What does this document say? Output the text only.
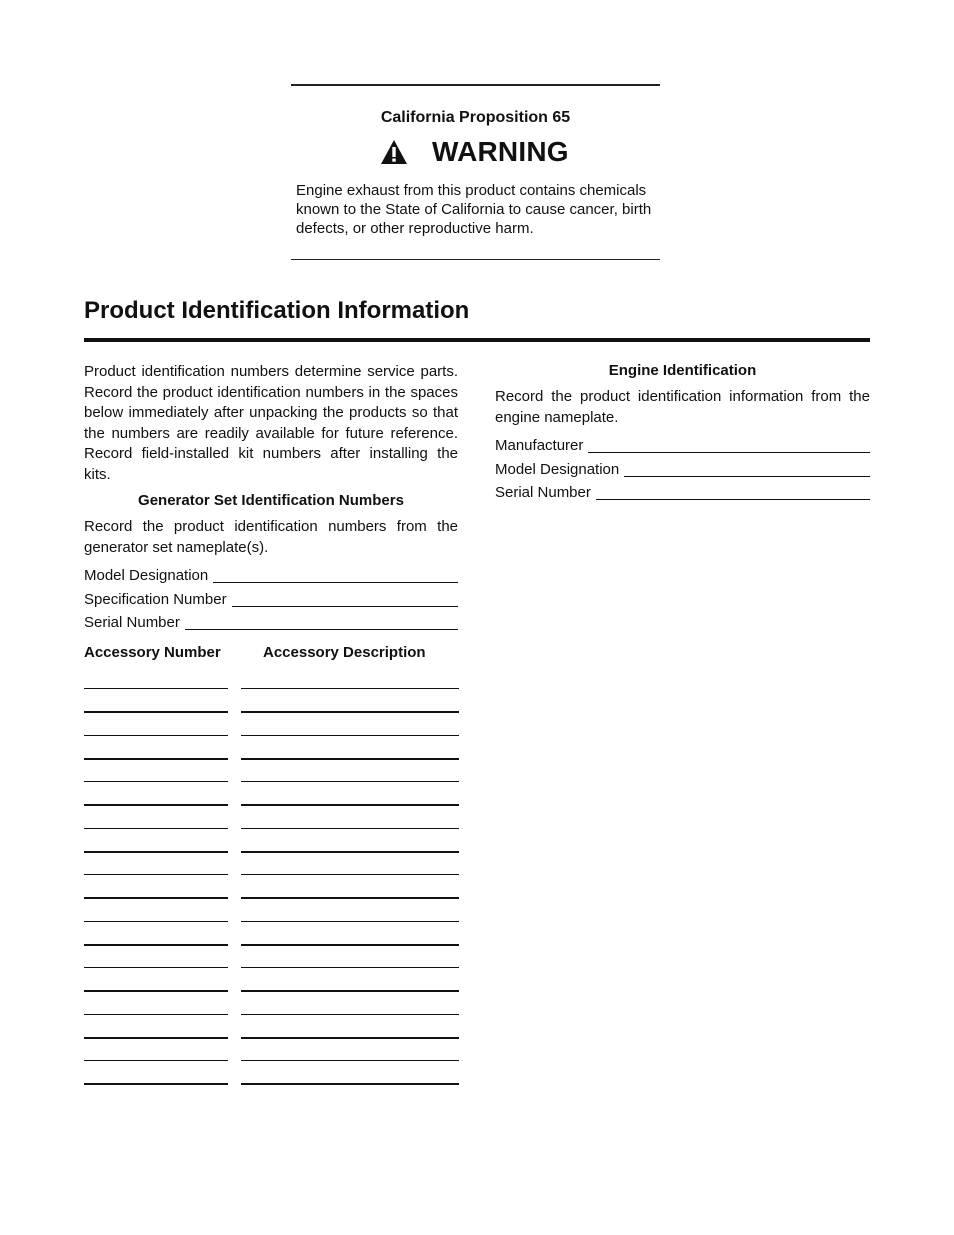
California Proposition 65
WARNING
Engine exhaust from this product contains chemicals known to the State of California to cause cancer, birth defects, or other reproductive harm.
Product Identification Information
Product identification numbers determine service parts. Record the product identification numbers in the spaces below immediately after unpacking the products so that the numbers are readily available for future reference. Record field-installed kit numbers after installing the kits.
Generator Set Identification Numbers
Record the product identification numbers from the generator set nameplate(s).
Model Designation
Specification Number
Serial Number
Accessory Number	Accessory Description
Engine Identification
Record the product identification information from the engine nameplate.
Manufacturer
Model Designation
Serial Number
